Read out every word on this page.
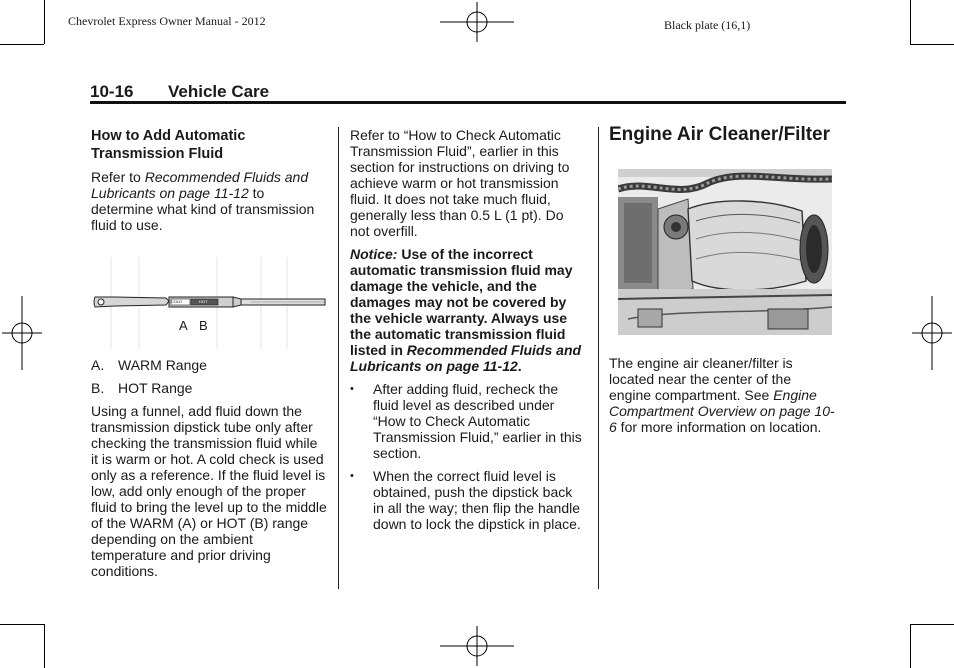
Chevrolet Express Owner Manual - 2012	Black plate (16,1)
10-16 Vehicle Care
How to Add Automatic Transmission Fluid

Refer to Recommended Fluids and Lubricants on page 11-12 to determine what kind of transmission fluid to use.

COLD	HOT
A B
A. WARM Range
B. HOT Range

Using a funnel, add fluid down the transmission dipstick tube only after checking the transmission fluid while it is warm or hot. A cold check is used only as a reference. If the fluid level is low, add only enough of the proper fluid to bring the level up to the middle of the WARM (A) or HOT (B) range depending on the ambient temperature and prior driving conditions.

Refer to “How to Check Automatic Transmission Fluid”, earlier in this section for instructions on driving to achieve warm or hot transmission fluid. It does not take much fluid, generally less than 0.5 L (1 pt). Do not overfill.

Notice: Use of the incorrect automatic transmission fluid may damage the vehicle, and the damages may not be covered by the vehicle warranty. Always use the automatic transmission fluid listed in Recommended Fluids and Lubricants on page 11-12.

• After adding fluid, recheck the fluid level as described under “How to Check Automatic Transmission Fluid,” earlier in this section.
• When the correct fluid level is obtained, push the dipstick back in all the way; then flip the handle down to lock the dipstick in place.
Engine Air Cleaner/Filter

The engine air cleaner/filter is located near the center of the engine compartment. See Engine Compartment Overview on page 10-6 for more information on location.
